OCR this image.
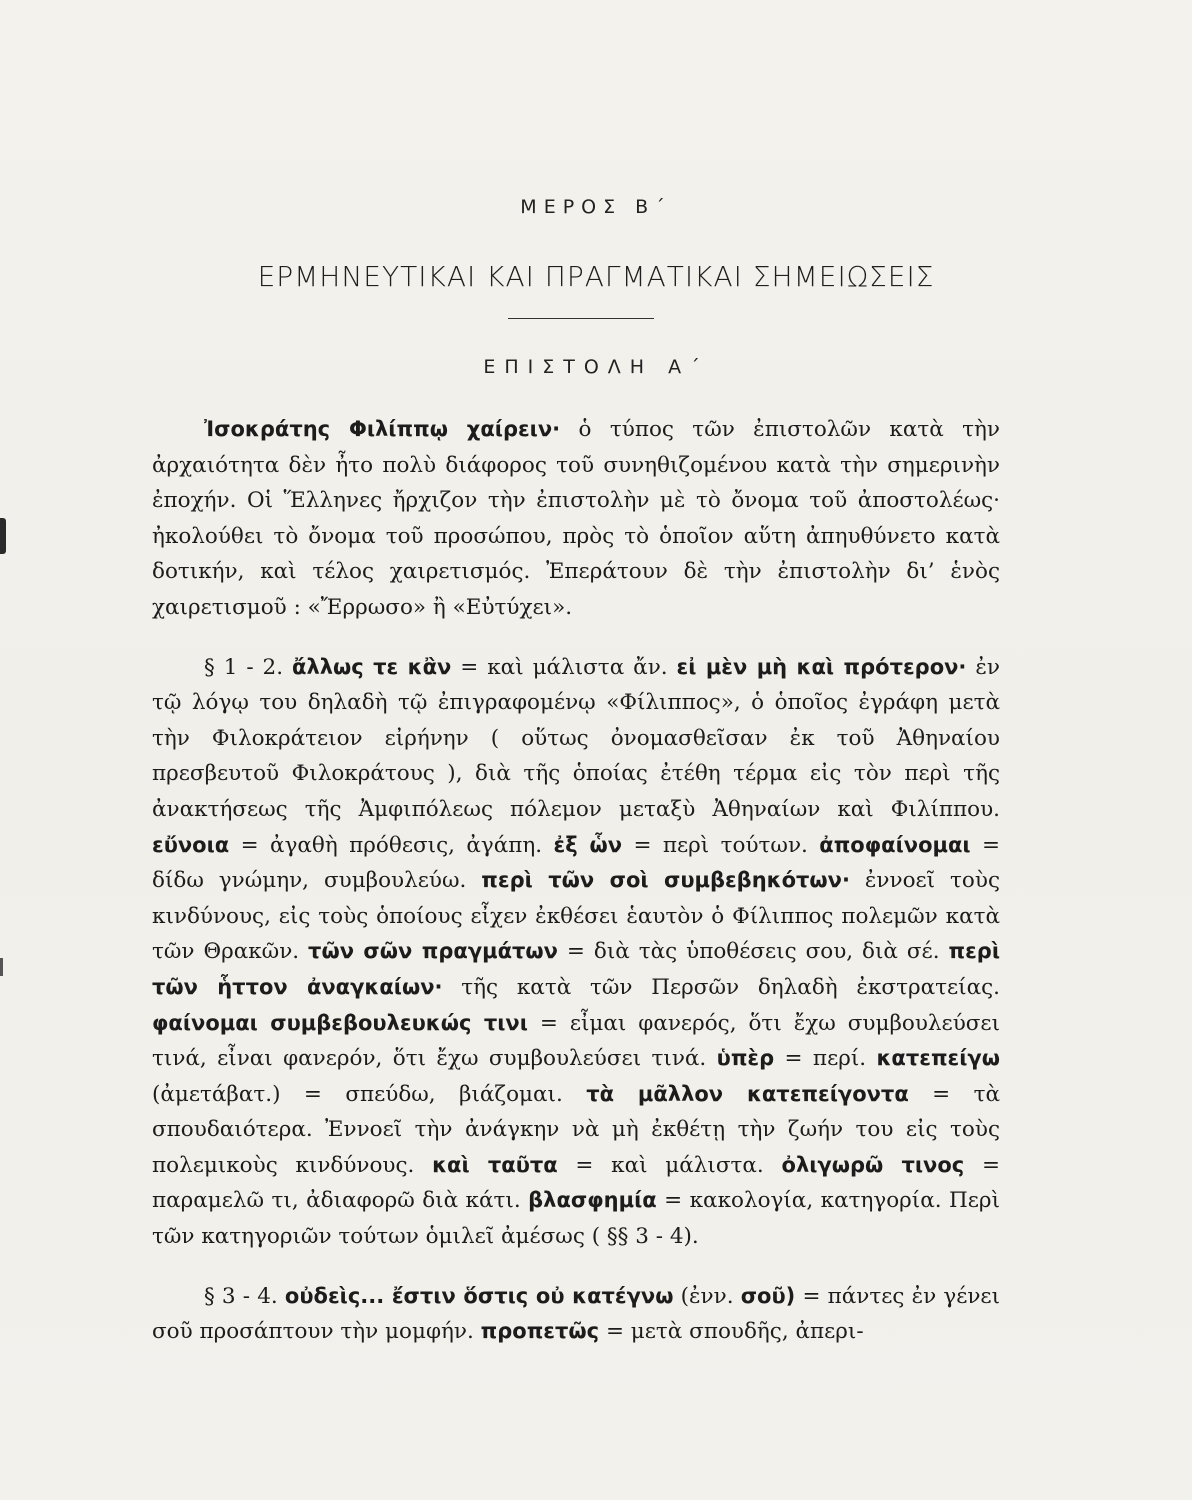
ΜΕΡΟΣ Β΄
ΕΡΜΗΝΕΥΤΙΚΑΙ ΚΑΙ ΠΡΑΓΜΑΤΙΚΑΙ ΣΗΜΕΙΩΣΕΙΣ
ΕΠΙΣΤΟΛΗ Α΄

Ἰσοκράτης Φιλίππῳ χαίρειν· ὁ τύπος τῶν ἐπιστολῶν κατὰ τὴν ἀρχαιότητα δὲν ἦτο πολὺ διάφορος τοῦ συνηθιζομένου κατὰ τὴν σημερινὴν ἐποχήν. Οἱ Ἕλληνες ἤρχιζον τὴν ἐπιστολὴν μὲ τὸ ὄνομα τοῦ ἀποστολέως· ἠκολούθει τὸ ὄνομα τοῦ προσώπου, πρὸς τὸ ὁποῖον αὕτη ἀπηυθύνετο κατὰ δοτικήν, καὶ τέλος χαιρετισμός. Ἐπεράτουν δὲ τὴν ἐπιστολὴν δι’ ἑνὸς χαιρετισμοῦ : «Ἔρρωσο» ἢ «Εὐτύχει».

§ 1 - 2. ἄλλως τε κἂν = καὶ μάλιστα ἄν. εἰ μὲν μὴ καὶ πρότερον· ἐν τῷ λόγῳ του δηλαδὴ τῷ ἐπιγραφομένῳ «Φίλιππος», ὁ ὁποῖος ἐγράφη μετὰ τὴν Φιλοκράτειον εἰρήνην ( οὕτως ὀνομασθεῖσαν ἐκ τοῦ Ἀθηναίου πρεσβευτοῦ Φιλοκράτους ), διὰ τῆς ὁποίας ἐτέθη τέρμα εἰς τὸν περὶ τῆς ἀνακτήσεως τῆς Ἀμφιπόλεως πόλεμον μεταξὺ Ἀθηναίων καὶ Φιλίππου. εὔνοια = ἀγαθὴ πρόθεσις, ἀγάπη. ἐξ ὧν = περὶ τούτων. ἀποφαίνομαι = δίδω γνώμην, συμβουλεύω. περὶ τῶν σοὶ συμβεβηκότων· ἐννοεῖ τοὺς κινδύνους, εἰς τοὺς ὁποίους εἶχεν ἐκθέσει ἑαυτὸν ὁ Φίλιππος πολεμῶν κατὰ τῶν Θρακῶν. τῶν σῶν πραγμάτων = διὰ τὰς ὑποθέσεις σου, διὰ σέ. περὶ τῶν ἧττον ἀναγκαίων· τῆς κατὰ τῶν Περσῶν δηλαδὴ ἐκστρατείας. φαίνομαι συμβεβουλευκώς τινι = εἶμαι φανερός, ὅτι ἔχω συμβουλεύσει τινά, εἶναι φανερόν, ὅτι ἔχω συμβουλεύσει τινά. ὑπὲρ = περί. κατεπείγω (ἀμετάβατ.) = σπεύδω, βιάζομαι. τὰ μᾶλλον κατεπείγοντα = τὰ σπουδαιότερα. Ἐννοεῖ τὴν ἀνάγκην νὰ μὴ ἐκθέτῃ τὴν ζωήν του εἰς τοὺς πολεμικοὺς κινδύνους. καὶ ταῦτα = καὶ μάλιστα. ὀλιγωρῶ τινος = παραμελῶ τι, ἀδιαφορῶ διὰ κάτι. βλασφημία = κακολογία, κατηγορία. Περὶ τῶν κατηγοριῶν τούτων ὁμιλεῖ ἀμέσως ( §§ 3 - 4).

§ 3 - 4. οὐδεὶς... ἔστιν ὅστις οὐ κατέγνω (ἐνν. σοῦ) = πάντες ἐν γένει σοῦ προσάπτουν τὴν μομφήν. προπετῶς = μετὰ σπουδῆς, ἀπερι-
